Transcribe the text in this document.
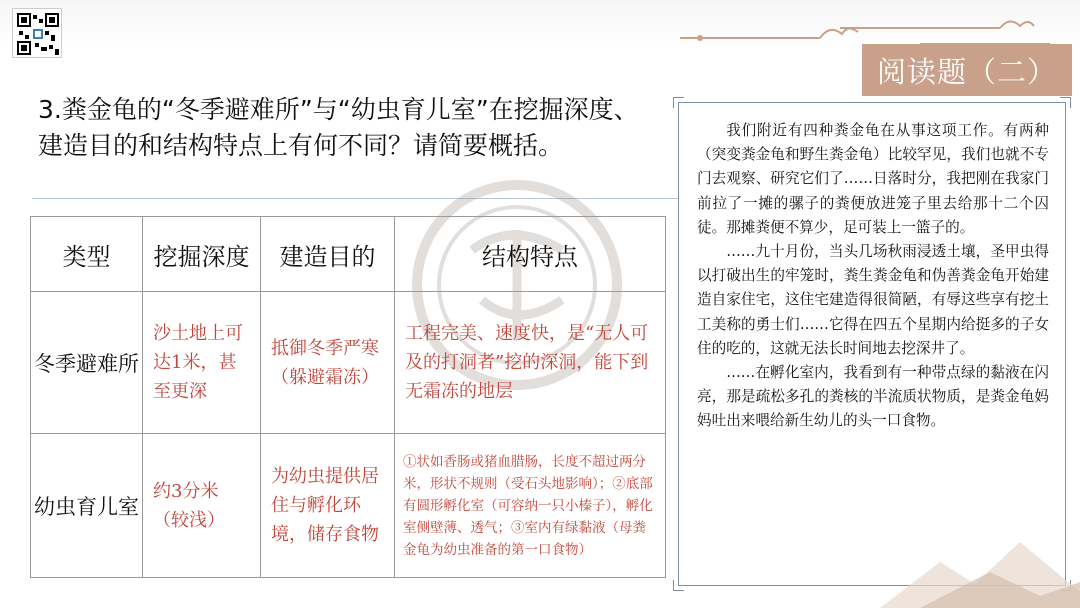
阅读题（二）
3.粪金龟的“冬季避难所”与“幼虫育儿室”在挖掘深度、建造目的和结构特点上有何不同？请简要概括。
类型	挖掘深度	建造目的	结构特点
冬季避难所	沙土地上可达1米，甚至更深	抵御冬季严寒（躲避霜冻）	工程完美、速度快，是“无人可及的打洞者”挖的深洞，能下到无霜冻的地层
幼虫育儿室	约3分米（较浅）	为幼虫提供居住与孵化环境，储存食物	①状如香肠或猪血腊肠，长度不超过两分米，形状不规则（受石头地影响）；②底部有圆形孵化室（可容纳一只小榛子），孵化室侧壁薄、透气；③室内有绿黏液（母粪金龟为幼虫准备的第一口食物）

我们附近有四种粪金龟在从事这项工作。有两种（突变粪金龟和野生粪金龟）比较罕见，我们也就不专门去观察、研究它们了……日落时分，我把刚在我家门前拉了一摊的骡子的粪便放进笼子里去给那十二个囚徒。那摊粪便不算少，足可装上一篮子的。

……九十月份，当头几场秋雨浸透土壤，圣甲虫得以打破出生的牢笼时，粪生粪金龟和伪善粪金龟开始建造自家住宅，这住宅建造得很简陋，有辱这些享有挖土工美称的勇士们……它得在四五个星期内给挺多的子女住的吃的，这就无法长时间地去挖深井了。

……在孵化室内，我看到有一种带点绿的黏液在闪亮，那是疏松多孔的粪核的半流质状物质，是粪金龟妈妈吐出来喂给新生幼儿的头一口食物。
